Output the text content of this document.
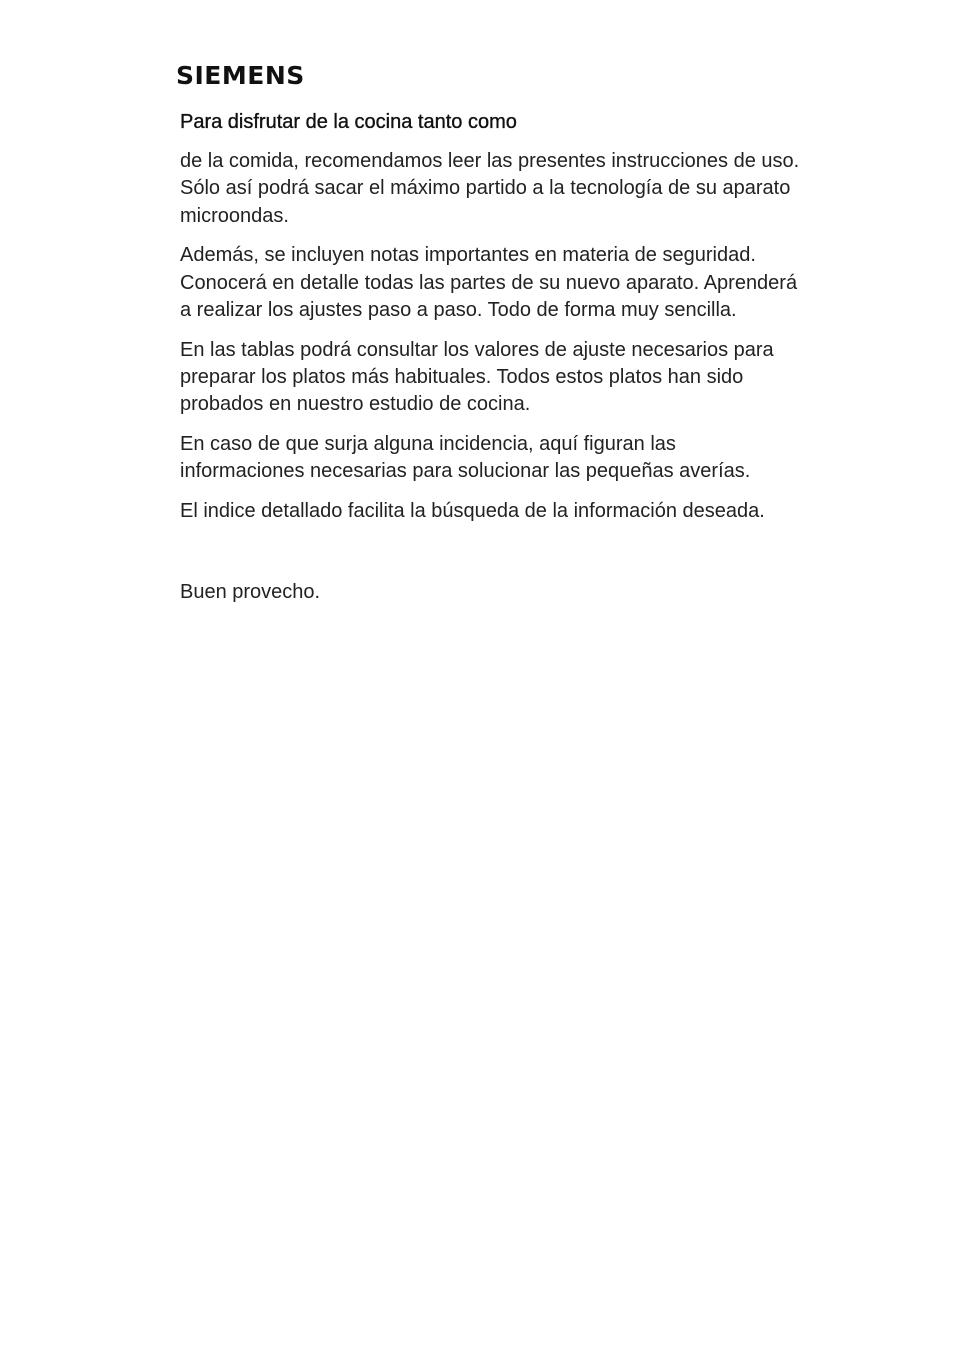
SIEMENS

Para disfrutar de la cocina tanto como

de la comida, recomendamos leer las presentes instrucciones de uso. Sólo así podrá sacar el máximo partido a la tecnología de su aparato microondas.

Además, se incluyen notas importantes en materia de seguridad. Conocerá en detalle todas las partes de su nuevo aparato. Aprenderá a realizar los ajustes paso a paso. Todo de forma muy sencilla.

En las tablas podrá consultar los valores de ajuste necesarios para preparar los platos más habituales. Todos estos platos han sido probados en nuestro estudio de cocina.

En caso de que surja alguna incidencia, aquí figuran las informaciones necesarias para solucionar las pequeñas averías.

El indice detallado facilita la búsqueda de la información deseada.

Buen provecho.
